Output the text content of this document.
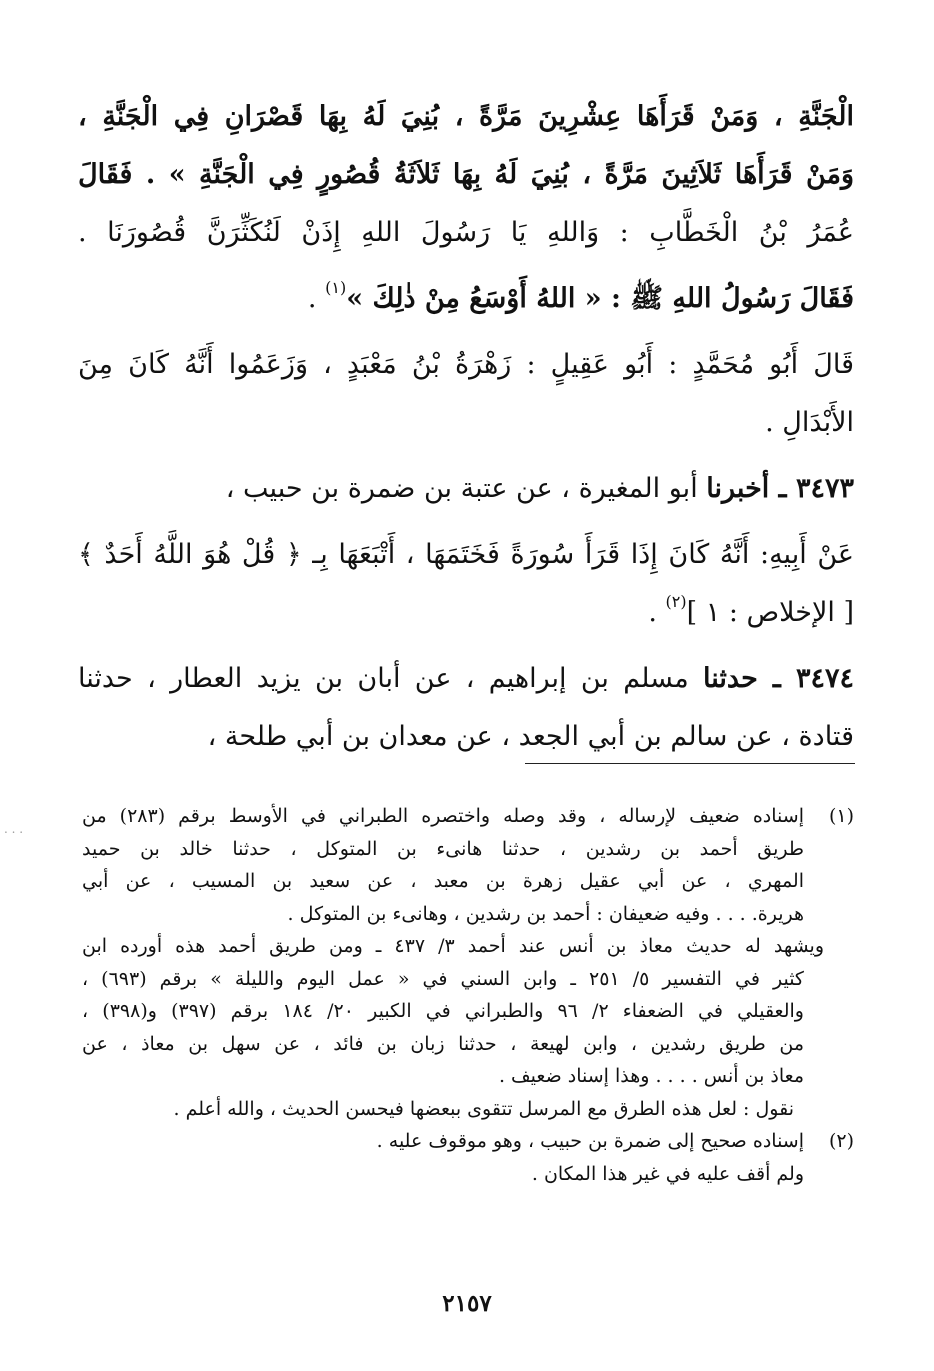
الْجَنَّةِ ، وَمَنْ قَرَأَهَا عِشْرِينَ مَرَّةً ، بُنِيَ لَهُ بِهَا قَصْرَانِ فِي الْجَنَّةِ ،
وَمَنْ قَرَأَهَا ثَلاَثِينَ مَرَّةً ، بُنِيَ لَهُ بِهَا ثَلاَثَةُ قُصُورٍ فِي الْجَنَّةِ » . فَقَالَ
عُمَرُ بْنُ الْخَطَّابِ : وَاللهِ يَا رَسُولَ اللهِ إِذَنْ لَنُكَثِّرَنَّ قُصُورَنَا .
فَقَالَ رَسُولُ اللهِ ﷺ : « اللهُ أَوْسَعُ مِنْ ذٰلِكَ »$^{(١)}$ .
قَالَ أَبُو مُحَمَّدٍ : أَبُو عَقِيلٍ : زَهْرَةُ بْنُ مَعْبَدٍ ، وَزَعَمُوا أَنَّهُ كَانَ مِنَ
الأَبْدَالِ .
٣٤٧٣ ـ أخبرنا أبو المغيرة ، عن عتبة بن ضمرة بن حبيب ،
عَنْ أَبِيهِ: أَنَّهُ كَانَ إِذَا قَرَأَ سُورَةً فَخَتَمَهَا ، أَتْبَعَهَا بِـ ﴿ قُلْ هُوَ اللَّهُ أَحَدٌ ﴾
[ الإخلاص : ١ ]$^{(٢)}$ .
٣٤٧٤ ـ حدثنا مسلم بن إبراهيم ، عن أبان بن يزيد العطار ، حدثنا
قتادة ، عن سالم بن أبي الجعد ، عن معدان بن أبي طلحة ،
(١)
إسناده ضعيف لإرساله ، وقد وصله واختصره الطبراني في الأوسط برقم (٢٨٣) من
طريق أحمد بن رشدين ، حدثنا هانىء بن المتوكل ، حدثنا خالد بن حميد
المهري ، عن أبي عقيل زهرة بن معبد ، عن سعيد بن المسيب ، عن أبي
هريرة. . . . وفيه ضعيفان : أحمد بن رشدين ، وهانىء بن المتوكل .
ويشهد له حديث معاذ بن أنس عند أحمد ٣/ ٤٣٧ ـ ومن طريق أحمد هذه أورده ابن
كثير في التفسير ٥/ ٢٥١ ـ وابن السني في « عمل اليوم والليلة » برقم (٦٩٣) ،
والعقيلي في الضعفاء ٢/ ٩٦ والطبراني في الكبير ٢٠/ ١٨٤ برقم (٣٩٧) و(٣٩٨) ،
من طريق رشدين ، وابن لهيعة ، حدثنا زبان بن فائد ، عن سهل بن معاذ ، عن
معاذ بن أنس . . . . وهذا إسناد ضعيف .
نقول : لعل هذه الطرق مع المرسل تتقوى ببعضها فيحسن الحديث ، والله أعلم .
(٢)
إسناده صحيح إلى ضمرة بن حبيب ، وهو موقوف عليه .
ولم أقف عليه في غير هذا المكان .
٢١٥٧
. . .
